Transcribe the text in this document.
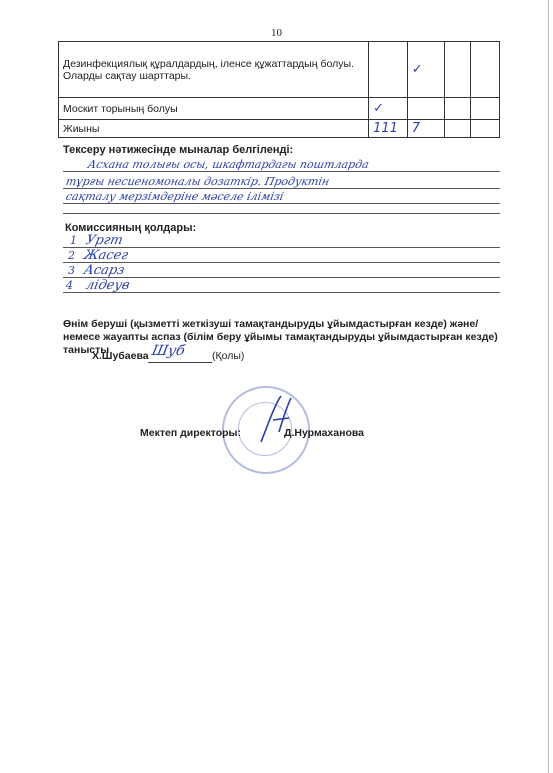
10
Дезинфекциялық құралдардың, іленсе құжаттардың болуы. Оларды сақтау шарттары.		✓		
Москит торының болуы	✓			
Жиыны	111	7		
Тексеру нәтижесінде мыналар белгіленді:
Асхана толығы осы, шкафтардагы поштларда
тұрғы несиеномоналы дозаткір. Продуктін
сақталу мерзімдеріне мәселе ілімізі
Комиссияның қолдары:
1
2
3
4
Ургт
Жасег
Асарз
лідеув
Өнім беруші (қызметті жеткізуші тамақтандыруды ұйымдастырған кезде) және/немесе жауапты аспаз (білім беру ұйымы тамақтандыруды ұйымдастырған кезде) танысты
Х.Шубаева Шуб (Қолы)
Мектеп директоры:	Д.Нурмаханова
